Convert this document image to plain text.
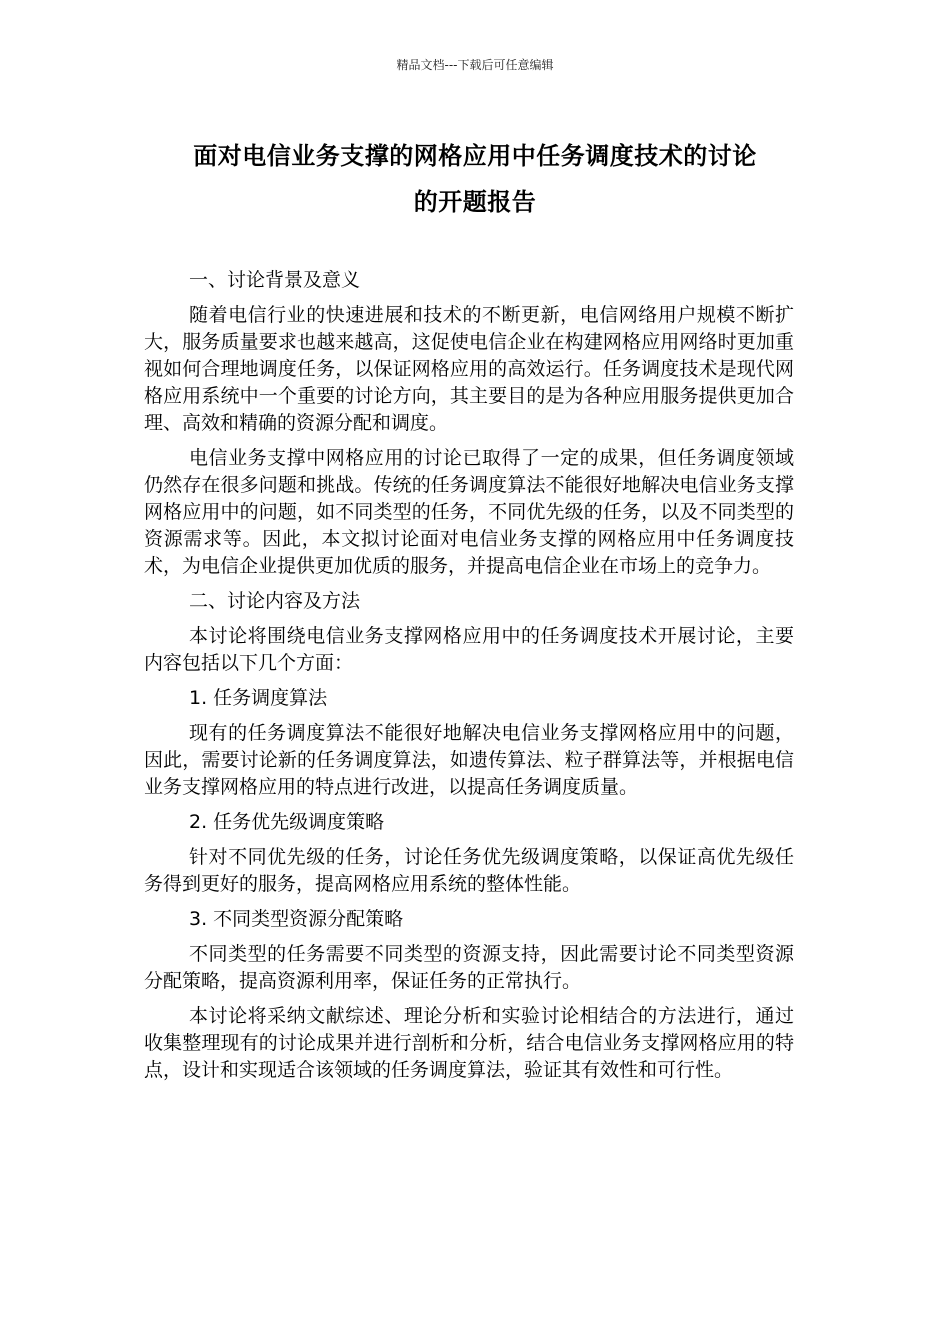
精品文档---下载后可任意编辑
面对电信业务支撑的网格应用中任务调度技术的讨论
的开题报告

一、讨论背景及意义

随着电信行业的快速进展和技术的不断更新，电信网络用户规模不断扩大，服务质量要求也越来越高，这促使电信企业在构建网格应用网络时更加重视如何合理地调度任务，以保证网格应用的高效运行。任务调度技术是现代网格应用系统中一个重要的讨论方向，其主要目的是为各种应用服务提供更加合理、高效和精确的资源分配和调度。

电信业务支撑中网格应用的讨论已取得了一定的成果，但任务调度领域仍然存在很多问题和挑战。传统的任务调度算法不能很好地解决电信业务支撑网格应用中的问题，如不同类型的任务，不同优先级的任务，以及不同类型的资源需求等。因此，本文拟讨论面对电信业务支撑的网格应用中任务调度技术，为电信企业提供更加优质的服务，并提高电信企业在市场上的竞争力。

二、讨论内容及方法

本讨论将围绕电信业务支撑网格应用中的任务调度技术开展讨论，主要内容包括以下几个方面：

1. 任务调度算法

现有的任务调度算法不能很好地解决电信业务支撑网格应用中的问题，因此，需要讨论新的任务调度算法，如遗传算法、粒子群算法等，并根据电信业务支撑网格应用的特点进行改进，以提高任务调度质量。

2. 任务优先级调度策略

针对不同优先级的任务，讨论任务优先级调度策略，以保证高优先级任务得到更好的服务，提高网格应用系统的整体性能。

3. 不同类型资源分配策略

不同类型的任务需要不同类型的资源支持，因此需要讨论不同类型资源分配策略，提高资源利用率，保证任务的正常执行。

本讨论将采纳文献综述、理论分析和实验讨论相结合的方法进行，通过收集整理现有的讨论成果并进行剖析和分析，结合电信业务支撑网格应用的特点，设计和实现适合该领域的任务调度算法，验证其有效性和可行性。
